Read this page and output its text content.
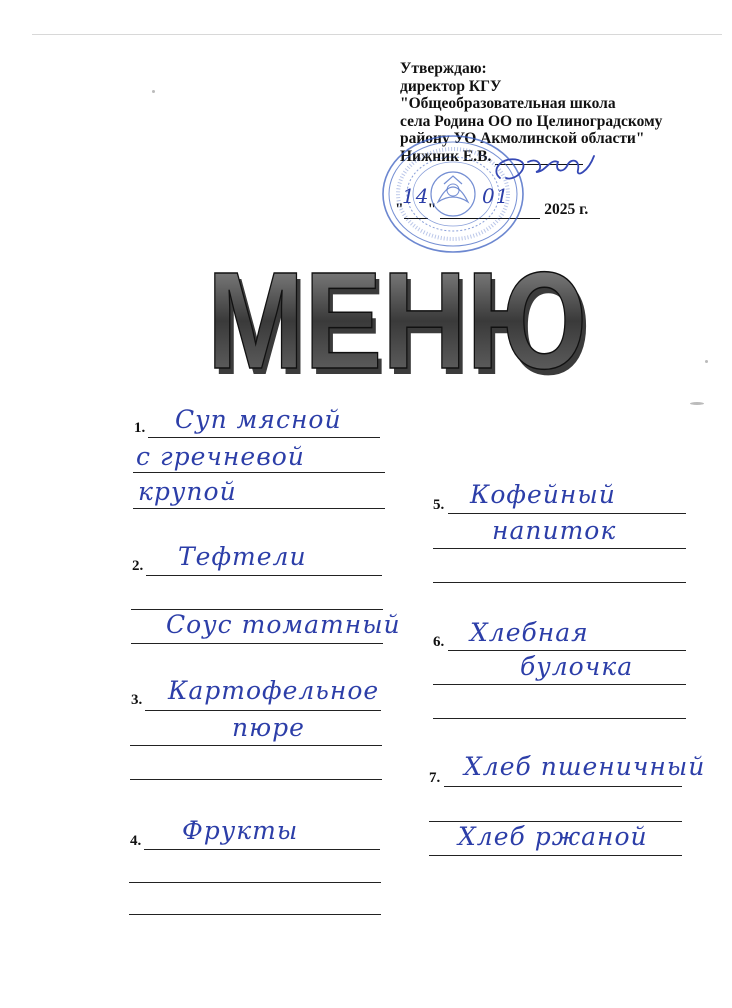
Утверждаю:
директор КГУ
"Общеобразовательная школа
села Родина ОО по Целиноградскому
району УО Акмолинской области"
Нижник Е.В.
" "	2025 г.
14	01
МЕНЮ
МЕНЮ
1. Суп мясной
с гречневой
крупой
2. Тефтели
Соус томатный
3. Картофельное
пюре
4. Фрукты
5. Кофейный
напиток
6. Хлебная
булочка
7. Хлеб пшеничный
Хлеб ржаной
